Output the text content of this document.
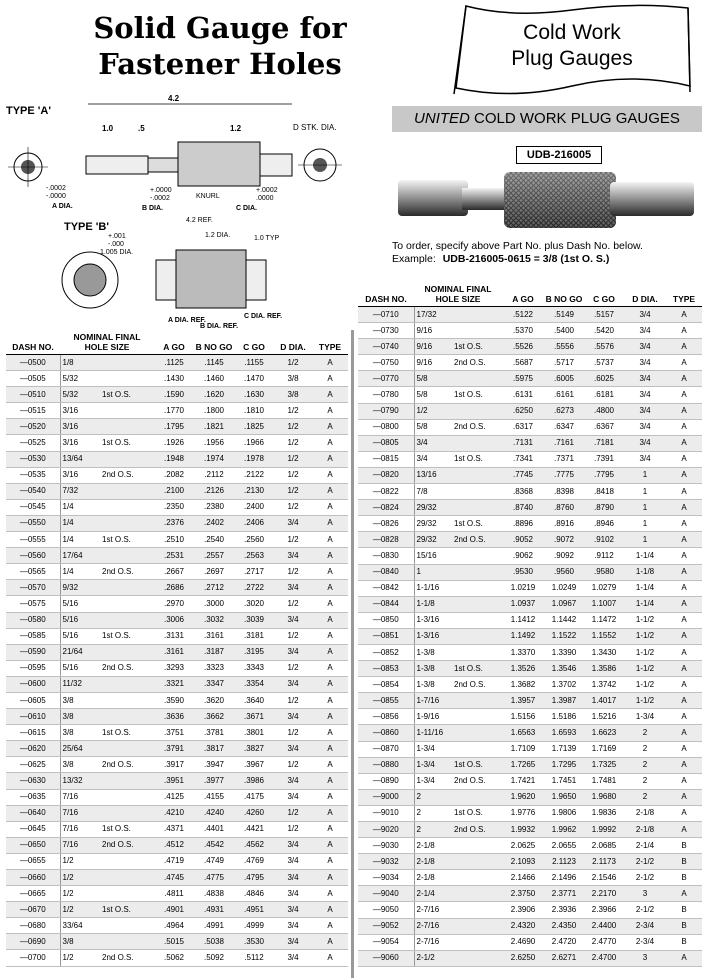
Solid Gauge for
Fastener Holes
Cold Work
Plug Gauges
UNITED COLD WORK PLUG GAUGES
UDB-216005
To order, specify above Part No. plus Dash No. below.
Example: UDB-216005-0615 = 3/8 (1st O. S.)
TYPE 'A'
4.2
1.0	.5	1.2	D STK. DIA.
-.0002
-.0000
A DIA.
+.0000
-.0002
B DIA.
KNURL
+.0002
.0000
C DIA.
TYPE 'B'
4.2 REF.
1.0 TYP
1.2 DIA.
+.001
-.000
1.005 DIA.
A DIA. REF.
B DIA. REF.
C DIA. REF.
DASH NO.	NOMINAL FINAL HOLE SIZE		A GO	B NO GO	C GO	D DIA.	TYPE
—0500	1/8		.1125	.1145	.1155	1/2	A
—0505	5/32		.1430	.1460	.1470	3/8	A
—0510	5/32	1st O.S.	.1590	.1620	.1630	3/8	A
—0515	3/16		.1770	.1800	.1810	1/2	A
—0520	3/16		.1795	.1821	.1825	1/2	A
—0525	3/16	1st O.S.	.1926	.1956	.1966	1/2	A
—0530	13/64		.1948	.1974	.1978	1/2	A
—0535	3/16	2nd O.S.	.2082	.2112	.2122	1/2	A
—0540	7/32		.2100	.2126	.2130	1/2	A
—0545	1/4		.2350	.2380	.2400	1/2	A
—0550	1/4		.2376	.2402	.2406	3/4	A
—0555	1/4	1st O.S.	.2510	.2540	.2560	1/2	A
—0560	17/64		.2531	.2557	.2563	3/4	A
—0565	1/4	2nd O.S.	.2667	.2697	.2717	1/2	A
—0570	9/32		.2686	.2712	.2722	3/4	A
—0575	5/16		.2970	.3000	.3020	1/2	A
—0580	5/16		.3006	.3032	.3039	3/4	A
—0585	5/16	1st O.S.	.3131	.3161	.3181	1/2	A
—0590	21/64		.3161	.3187	.3195	3/4	A
—0595	5/16	2nd O.S.	.3293	.3323	.3343	1/2	A
—0600	11/32		.3321	.3347	.3354	3/4	A
—0605	3/8		.3590	.3620	.3640	1/2	A
—0610	3/8		.3636	.3662	.3671	3/4	A
—0615	3/8	1st O.S.	.3751	.3781	.3801	1/2	A
—0620	25/64		.3791	.3817	.3827	3/4	A
—0625	3/8	2nd O.S.	.3917	.3947	.3967	1/2	A
—0630	13/32		.3951	.3977	.3986	3/4	A
—0635	7/16		.4125	.4155	.4175	3/4	A
—0640	7/16		.4210	.4240	.4260	1/2	A
—0645	7/16	1st O.S.	.4371	.4401	.4421	1/2	A
—0650	7/16	2nd O.S.	.4512	.4542	.4562	3/4	A
—0655	1/2		.4719	.4749	.4769	3/4	A
—0660	1/2		.4745	.4775	.4795	3/4	A
—0665	1/2		.4811	.4838	.4846	3/4	A
—0670	1/2	1st O.S.	.4901	.4931	.4951	3/4	A
—0680	33/64		.4964	.4991	.4999	3/4	A
—0690	3/8		.5015	.5038	.3530	3/4	A
—0700	1/2	2nd O.S.	.5062	.5092	.5112	3/4	A
DASH NO.	NOMINAL FINAL HOLE SIZE		A GO	B NO GO	C GO	D DIA.	TYPE
—0710	17/32		.5122	.5149	.5157	3/4	A
—0730	9/16		.5370	.5400	.5420	3/4	A
—0740	9/16	1st O.S.	.5526	.5556	.5576	3/4	A
—0750	9/16	2nd O.S.	.5687	.5717	.5737	3/4	A
—0770	5/8		.5975	.6005	.6025	3/4	A
—0780	5/8	1st O.S.	.6131	.6161	.6181	3/4	A
—0790	1/2		.6250	.6273	.4800	3/4	A
—0800	5/8	2nd O.S.	.6317	.6347	.6367	3/4	A
—0805	3/4		.7131	.7161	.7181	3/4	A
—0815	3/4	1st O.S.	.7341	.7371	.7391	3/4	A
—0820	13/16		.7745	.7775	.7795	1	A
—0822	7/8		.8368	.8398	.8418	1	A
—0824	29/32		.8740	.8760	.8790	1	A
—0826	29/32	1st O.S.	.8896	.8916	.8946	1	A
—0828	29/32	2nd O.S.	.9052	.9072	.9102	1	A
—0830	15/16		.9062	.9092	.9112	1-1/4	A
—0840	1		.9530	.9560	.9580	1-1/8	A
—0842	1-1/16		1.0219	1.0249	1.0279	1-1/4	A
—0844	1-1/8		1.0937	1.0967	1.1007	1-1/4	A
—0850	1-3/16		1.1412	1.1442	1.1472	1-1/2	A
—0851	1-3/16		1.1492	1.1522	1.1552	1-1/2	A
—0852	1-3/8		1.3370	1.3390	1.3430	1-1/2	A
—0853	1-3/8	1st O.S.	1.3526	1.3546	1.3586	1-1/2	A
—0854	1-3/8	2nd O.S.	1.3682	1.3702	1.3742	1-1/2	A
—0855	1-7/16		1.3957	1.3987	1.4017	1-1/2	A
—0856	1-9/16		1.5156	1.5186	1.5216	1-3/4	A
—0860	1-11/16		1.6563	1.6593	1.6623	2	A
—0870	1-3/4		1.7109	1.7139	1.7169	2	A
—0880	1-3/4	1st O.S.	1.7265	1.7295	1.7325	2	A
—0890	1-3/4	2nd O.S.	1.7421	1.7451	1.7481	2	A
—9000	2		1.9620	1.9650	1.9680	2	A
—9010	2	1st O.S.	1.9776	1.9806	1.9836	2-1/8	A
—9020	2	2nd O.S.	1.9932	1.9962	1.9992	2-1/8	A
—9030	2-1/8		2.0625	2.0655	2.0685	2-1/4	B
—9032	2-1/8		2.1093	2.1123	2.1173	2-1/2	B
—9034	2-1/8		2.1466	2.1496	2.1546	2-1/2	B
—9040	2-1/4		2.3750	2.3771	2.2170	3	A
—9050	2-7/16		2.3906	2.3936	2.3966	2-1/2	B
—9052	2-7/16		2.4320	2.4350	2.4400	2-3/4	B
—9054	2-7/16		2.4690	2.4720	2.4770	2-3/4	B
—9060	2-1/2		2.6250	2.6271	2.4700	3	A
